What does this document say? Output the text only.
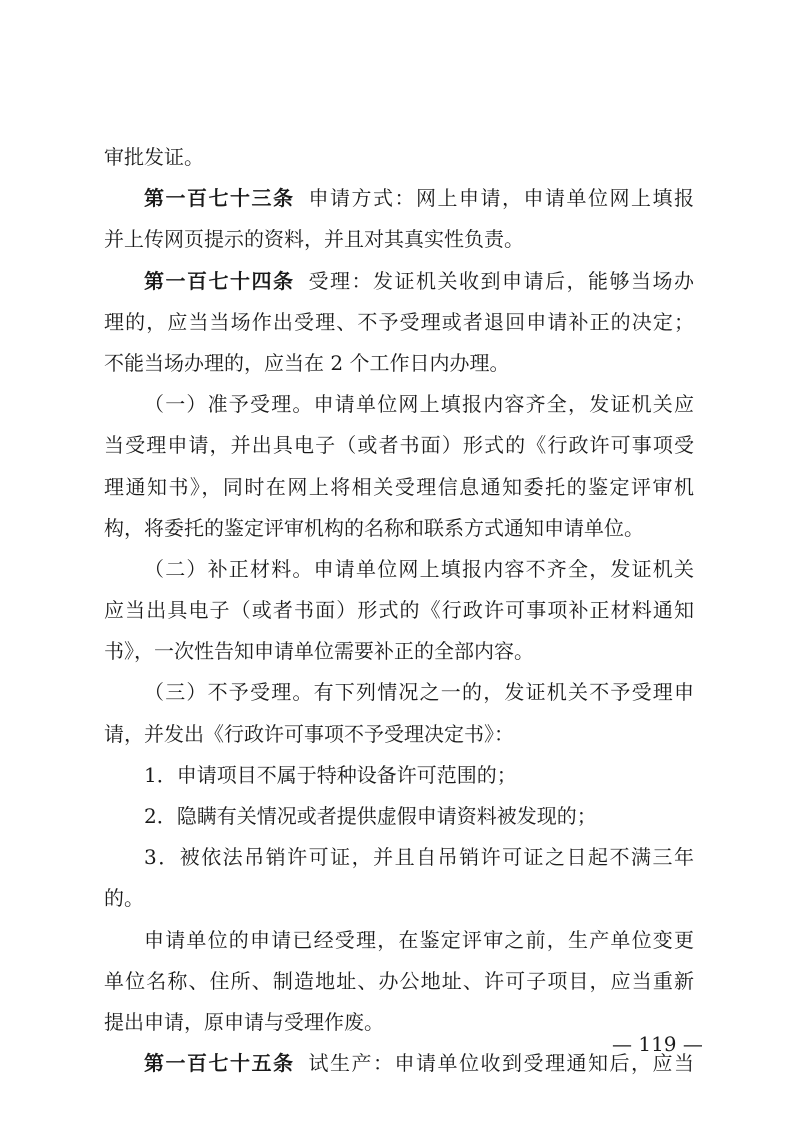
审批发证。
第一百七十三条 申请方式：网上申请，申请单位网上填报
并上传网页提示的资料，并且对其真实性负责。
第一百七十四条 受理：发证机关收到申请后，能够当场办
理的，应当当场作出受理、不予受理或者退回申请补正的决定；
不能当场办理的，应当在 2 个工作日内办理。
（一）准予受理。申请单位网上填报内容齐全，发证机关应
当受理申请，并出具电子（或者书面）形式的《行政许可事项受
理通知书》，同时在网上将相关受理信息通知委托的鉴定评审机
构，将委托的鉴定评审机构的名称和联系方式通知申请单位。
（二）补正材料。申请单位网上填报内容不齐全，发证机关
应当出具电子（或者书面）形式的《行政许可事项补正材料通知
书》，一次性告知申请单位需要补正的全部内容。
（三）不予受理。有下列情况之一的，发证机关不予受理申
请，并发出《行政许可事项不予受理决定书》：
1．申请项目不属于特种设备许可范围的；
2．隐瞒有关情况或者提供虚假申请资料被发现的；
3．被依法吊销许可证，并且自吊销许可证之日起不满三年
的。
申请单位的申请已经受理，在鉴定评审之前，生产单位变更
单位名称、住所、制造地址、办公地址、许可子项目，应当重新
提出申请，原申请与受理作废。
第一百七十五条 试生产：申请单位收到受理通知后，应当
— 119 —
